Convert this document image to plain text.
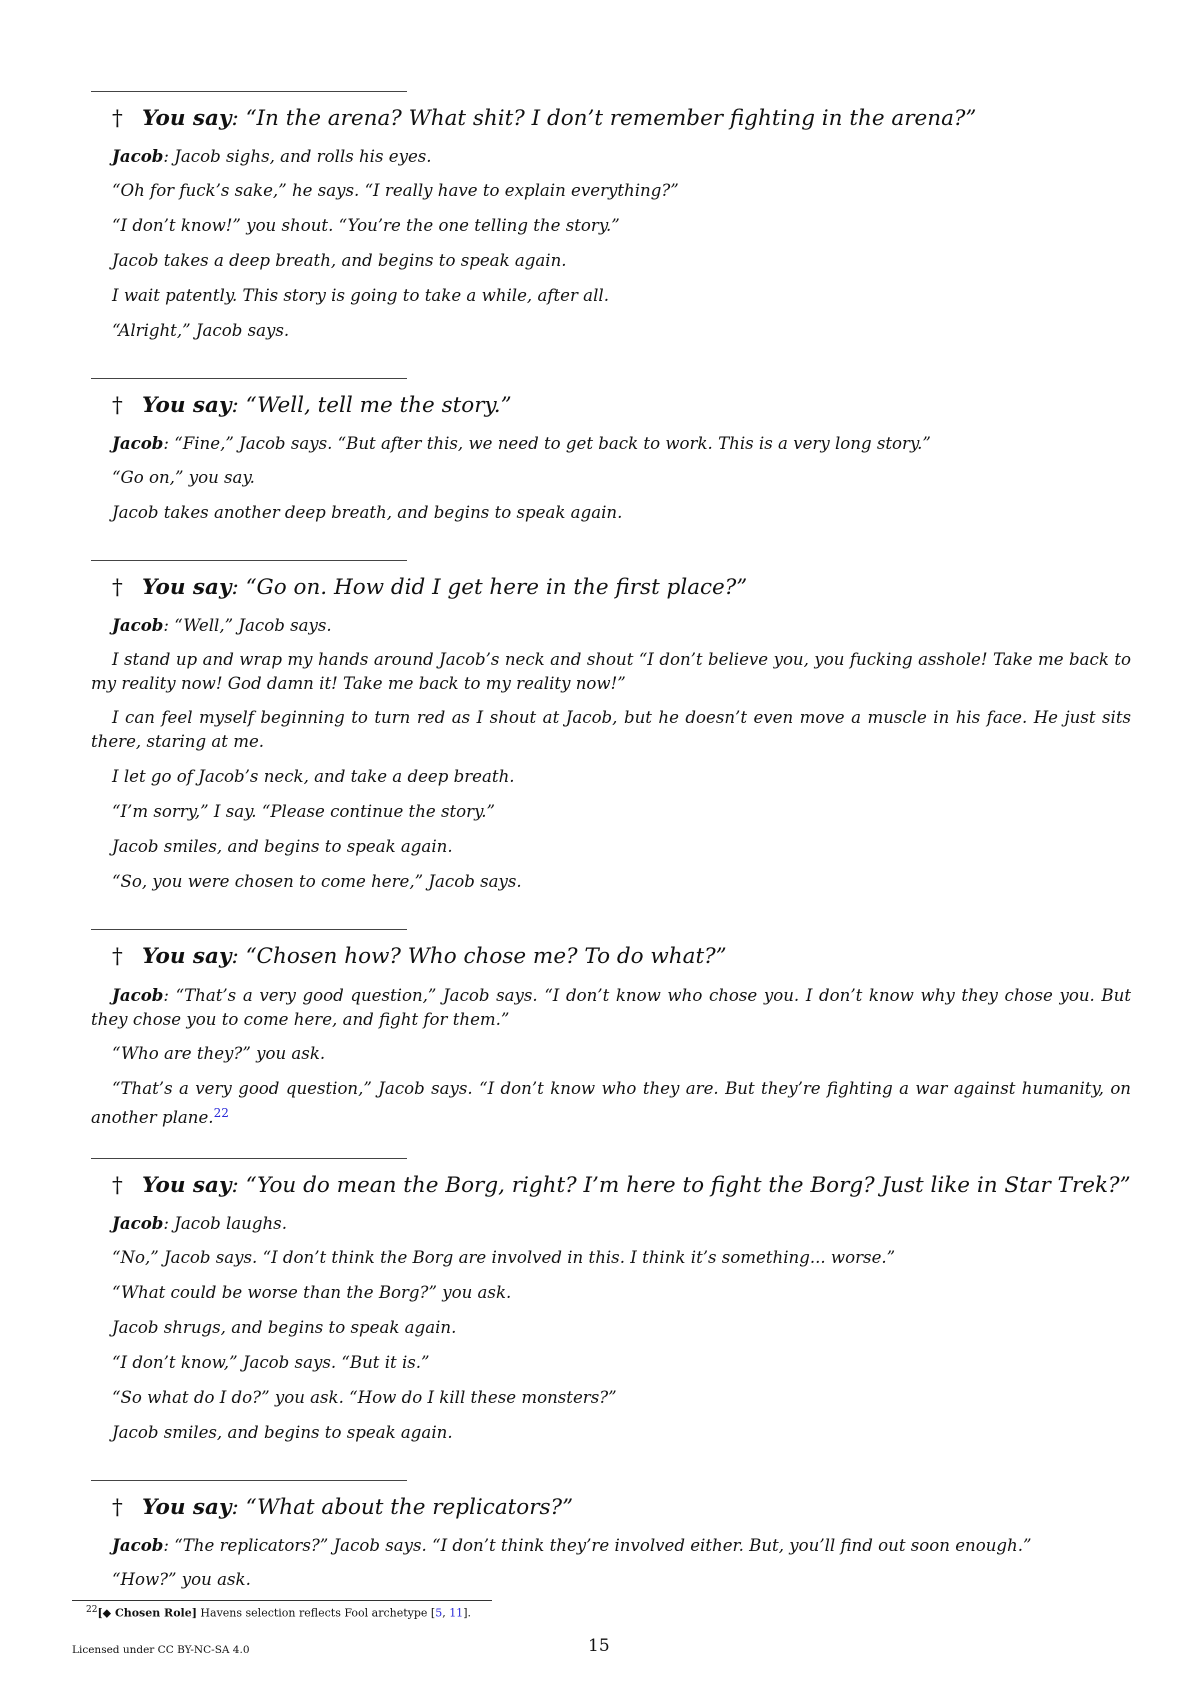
† You say: “In the arena? What shit? I don’t remember fighting in the arena?”
Jacob: Jacob sighs, and rolls his eyes.
“Oh for fuck’s sake,” he says. “I really have to explain everything?”
“I don’t know!” you shout. “You’re the one telling the story.”
Jacob takes a deep breath, and begins to speak again.
I wait patently. This story is going to take a while, after all.
“Alright,” Jacob says.
† You say: “Well, tell me the story.”
Jacob: “Fine,” Jacob says. “But after this, we need to get back to work. This is a very long story.”
“Go on,” you say.
Jacob takes another deep breath, and begins to speak again.
† You say: “Go on. How did I get here in the first place?”
Jacob: “Well,” Jacob says.
I stand up and wrap my hands around Jacob’s neck and shout “I don’t believe you, you fucking asshole! Take me back to my reality now! God damn it! Take me back to my reality now!”
I can feel myself beginning to turn red as I shout at Jacob, but he doesn’t even move a muscle in his face. He just sits there, staring at me.
I let go of Jacob’s neck, and take a deep breath.
“I’m sorry,” I say. “Please continue the story.”
Jacob smiles, and begins to speak again.
“So, you were chosen to come here,” Jacob says.
† You say: “Chosen how? Who chose me? To do what?”
Jacob: “That’s a very good question,” Jacob says. “I don’t know who chose you. I don’t know why they chose you. But they chose you to come here, and fight for them.”
“Who are they?” you ask.
“That’s a very good question,” Jacob says. “I don’t know who they are. But they’re fighting a war against humanity, on another plane.$^{22}$
† You say: “You do mean the Borg, right? I’m here to fight the Borg? Just like in Star Trek?”
Jacob: Jacob laughs.
“No,” Jacob says. “I don’t think the Borg are involved in this. I think it’s something... worse.”
“What could be worse than the Borg?” you ask.
Jacob shrugs, and begins to speak again.
“I don’t know,” Jacob says. “But it is.”
“So what do I do?” you ask. “How do I kill these monsters?”
Jacob smiles, and begins to speak again.
† You say: “What about the replicators?”
Jacob: “The replicators?” Jacob says. “I don’t think they’re involved either. But, you’ll find out soon enough.”
“How?” you ask.
$^{22}$[◆ Chosen Role] Havens selection reflects Fool archetype [5, 11].
Licensed under CC BY-NC-SA 4.0	15
